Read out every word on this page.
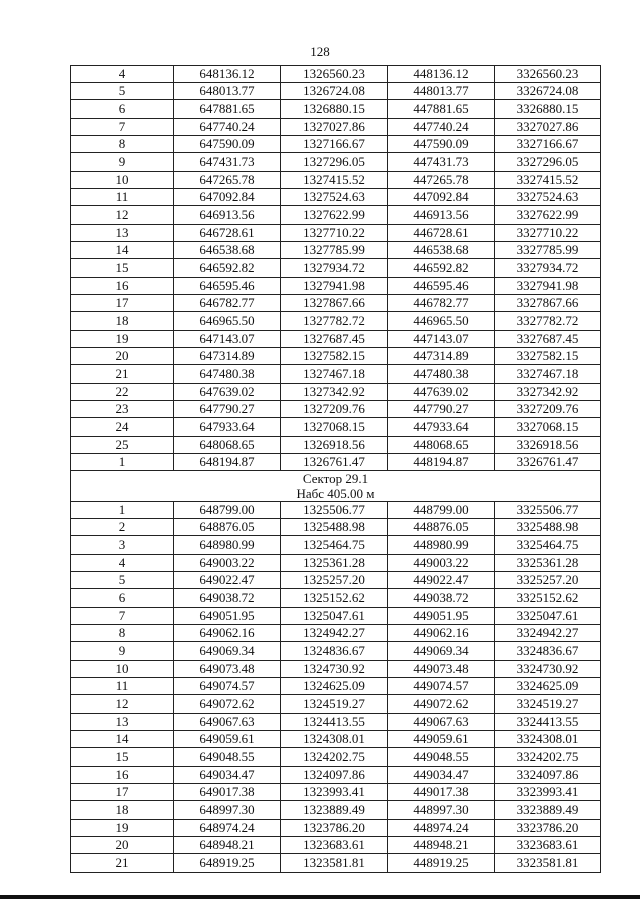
128
4	648136.12	1326560.23	448136.12	3326560.23
5	648013.77	1326724.08	448013.77	3326724.08
6	647881.65	1326880.15	447881.65	3326880.15
7	647740.24	1327027.86	447740.24	3327027.86
8	647590.09	1327166.67	447590.09	3327166.67
9	647431.73	1327296.05	447431.73	3327296.05
10	647265.78	1327415.52	447265.78	3327415.52
11	647092.84	1327524.63	447092.84	3327524.63
12	646913.56	1327622.99	446913.56	3327622.99
13	646728.61	1327710.22	446728.61	3327710.22
14	646538.68	1327785.99	446538.68	3327785.99
15	646592.82	1327934.72	446592.82	3327934.72
16	646595.46	1327941.98	446595.46	3327941.98
17	646782.77	1327867.66	446782.77	3327867.66
18	646965.50	1327782.72	446965.50	3327782.72
19	647143.07	1327687.45	447143.07	3327687.45
20	647314.89	1327582.15	447314.89	3327582.15
21	647480.38	1327467.18	447480.38	3327467.18
22	647639.02	1327342.92	447639.02	3327342.92
23	647790.27	1327209.76	447790.27	3327209.76
24	647933.64	1327068.15	447933.64	3327068.15
25	648068.65	1326918.56	448068.65	3326918.56
1	648194.87	1326761.47	448194.87	3326761.47

Сектор 29.1
Набс 405.00 м				

1	648799.00	1325506.77	448799.00	3325506.77
2	648876.05	1325488.98	448876.05	3325488.98
3	648980.99	1325464.75	448980.99	3325464.75
4	649003.22	1325361.28	449003.22	3325361.28
5	649022.47	1325257.20	449022.47	3325257.20
6	649038.72	1325152.62	449038.72	3325152.62
7	649051.95	1325047.61	449051.95	3325047.61
8	649062.16	1324942.27	449062.16	3324942.27
9	649069.34	1324836.67	449069.34	3324836.67
10	649073.48	1324730.92	449073.48	3324730.92
11	649074.57	1324625.09	449074.57	3324625.09
12	649072.62	1324519.27	449072.62	3324519.27
13	649067.63	1324413.55	449067.63	3324413.55
14	649059.61	1324308.01	449059.61	3324308.01
15	649048.55	1324202.75	449048.55	3324202.75
16	649034.47	1324097.86	449034.47	3324097.86
17	649017.38	1323993.41	449017.38	3323993.41
18	648997.30	1323889.49	448997.30	3323889.49
19	648974.24	1323786.20	448974.24	3323786.20
20	648948.21	1323683.61	448948.21	3323683.61
21	648919.25	1323581.81	448919.25	3323581.81
